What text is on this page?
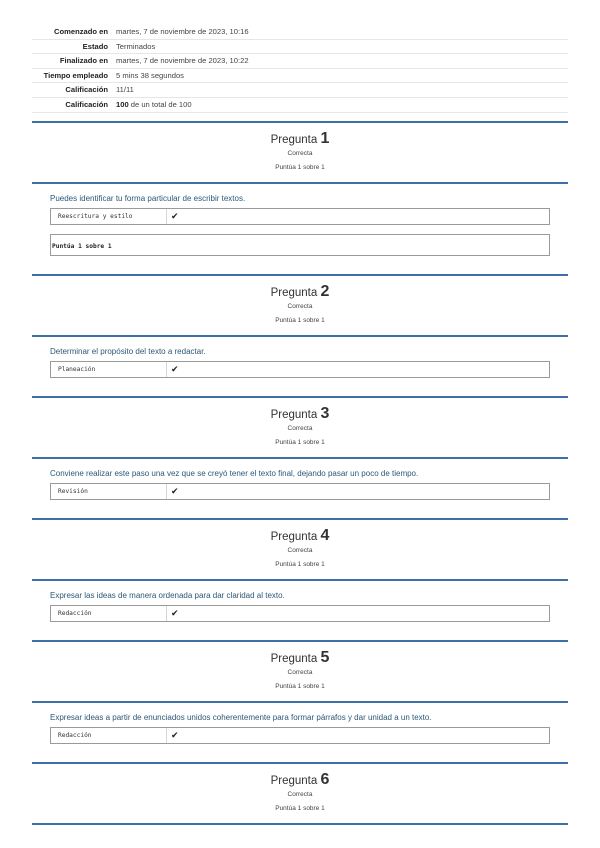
Comenzado en	martes, 7 de noviembre de 2023, 10:16
Estado	Terminados
Finalizado en	martes, 7 de noviembre de 2023, 10:22
Tiempo empleado	5 mins 38 segundos
Calificación	11/11
Calificación	100 de un total de 100
Pregunta 1
Correcta
Puntúa 1 sobre 1
Puedes identificar tu forma particular de escribir textos.
Reescritura y estilo	✔
Puntúa 1 sobre 1
Pregunta 2
Correcta
Puntúa 1 sobre 1
Determinar el propósito del texto a redactar.
Planeación	✔
Pregunta 3
Correcta
Puntúa 1 sobre 1
Conviene realizar este paso una vez que se creyó tener el texto final, dejando pasar un poco de tiempo.
Revisión	✔
Pregunta 4
Correcta
Puntúa 1 sobre 1
Expresar las ideas de manera ordenada para dar claridad al texto.
Redacción	✔
Pregunta 5
Correcta
Puntúa 1 sobre 1
Expresar ideas a partir de enunciados unidos coherentemente para formar párrafos y dar unidad a un texto.
Redacción	✔
Pregunta 6
Correcta
Puntúa 1 sobre 1
